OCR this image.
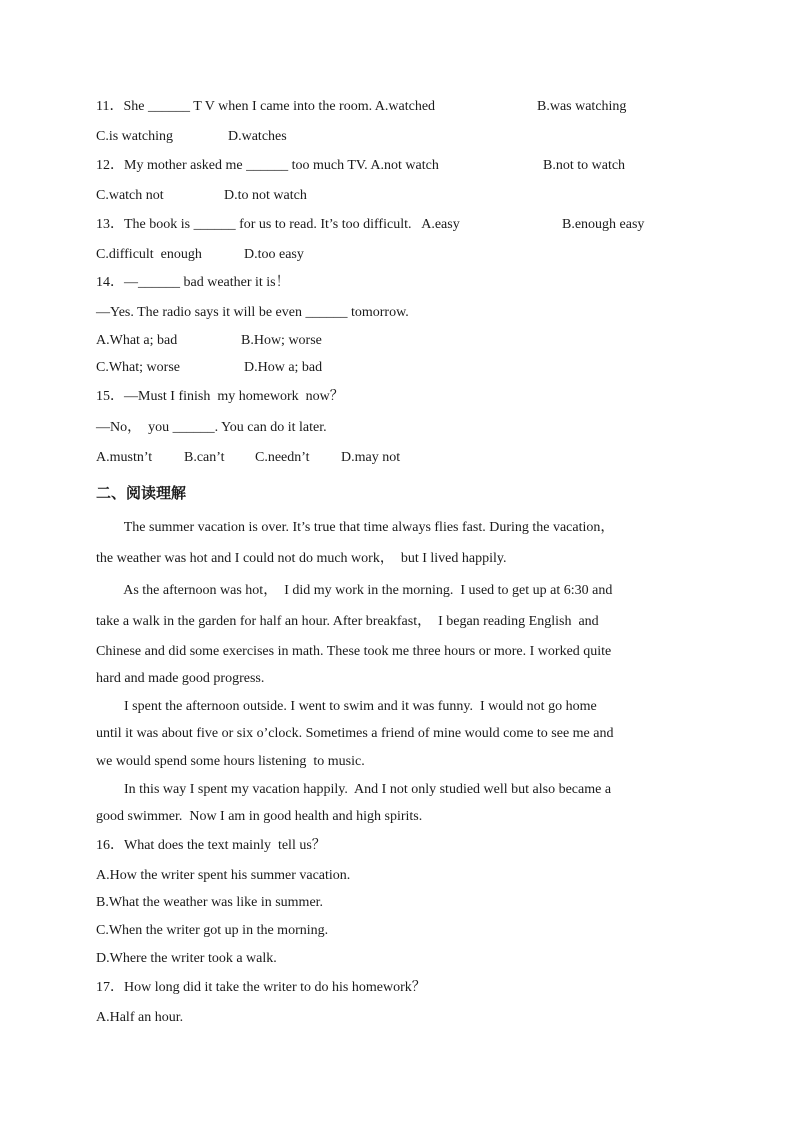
11．She ______ T V when I came into the room. A.watched	B.was watching
C.is watching	D.watches
12．My mother asked me ______ too much TV. A.not watch	B.not to watch
C.watch not	D.to not watch
13．The book is ______ for us to read. It’s too difficult.   A.easy	B.enough easy
C.difficult  enough	D.too easy
14．—______ bad weather it is！
—Yes. The radio says it will be even ______ tomorrow.
A.What a; bad	B.How; worse
C.What; worse	D.How a; bad
15．—Must I finish  my homework  now？
—No，  you ______. You can do it later.
A.mustn’t B.can’t C.needn’t D.may not
二、阅读理解
The summer vacation is over. It’s true that time always flies fast. During the vacation，
the weather was hot and I could not do much work，  but I lived happily.
As the afternoon was hot，  I did my work in the morning.  I used to get up at 6:30 and
take a walk in the garden for half an hour. After breakfast，  I began reading English  and
Chinese and did some exercises in math. These took me three hours or more. I worked quite
hard and made good progress.
I spent the afternoon outside. I went to swim and it was funny.  I would not go home
until it was about five or six o’clock. Sometimes a friend of mine would come to see me and
we would spend some hours listening  to music.
In this way I spent my vacation happily.  And I not only studied well but also became a
good swimmer.  Now I am in good health and high spirits.
16．What does the text mainly  tell us？
A.How the writer spent his summer vacation.
B.What the weather was like in summer.
C.When the writer got up in the morning.
D.Where the writer took a walk.
17．How long did it take the writer to do his homework？
A.Half an hour.
